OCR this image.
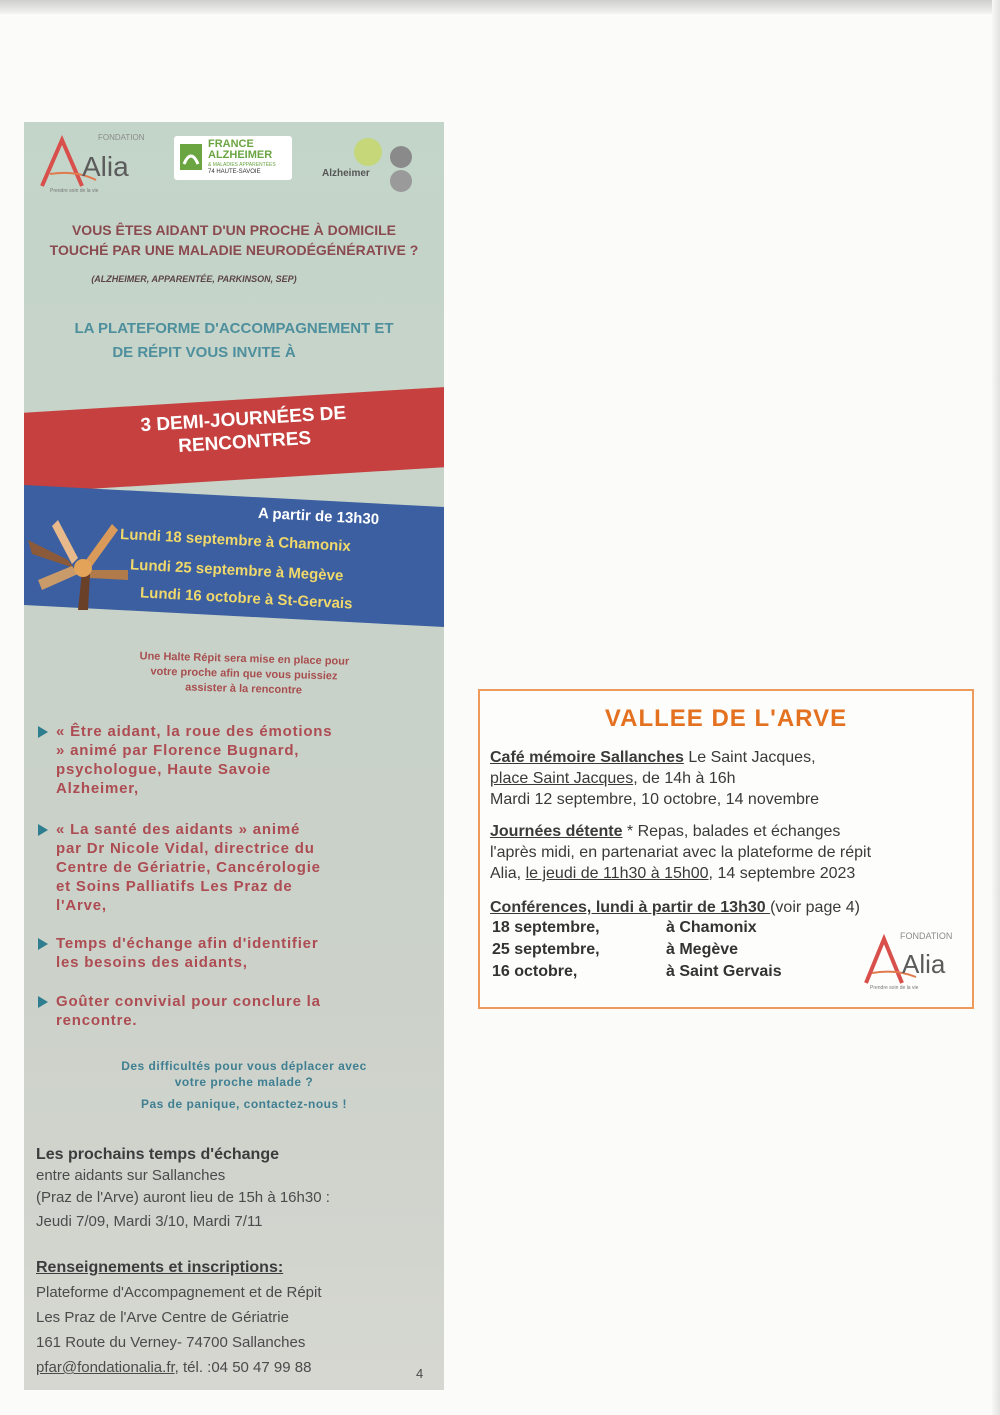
FONDATION
Alia
Prendre soin de la vie
FRANCE
ALZHEIMER
& MALADIES APPARENTÉES
74 HAUTE-SAVOIE	Alzheimer
VOUS ÊTES AIDANT D'UN PROCHE À DOMICILE
TOUCHÉ PAR UNE MALADIE NEURODÉGÉNÉRATIVE ?
(ALZHEIMER, APPARENTÉE, PARKINSON, SEP)
LA PLATEFORME D'ACCOMPAGNEMENT ET
DE RÉPIT VOUS INVITE À
3 DEMI-JOURNÉES DE
RENCONTRES
A partir de 13h30
Lundi 18 septembre à Chamonix
Lundi 25 septembre à Megève
Lundi 16 octobre à St-Gervais
Une Halte Répit sera mise en place pour
votre proche afin que vous puissiez
assister à la rencontre
« Être aidant, la roue des émotions
» animé par Florence Bugnard,
psychologue, Haute Savoie
Alzheimer,
« La santé des aidants » animé
par Dr Nicole Vidal, directrice du
Centre de Gériatrie, Cancérologie
et Soins Palliatifs Les Praz de
l'Arve,
Temps d'échange afin d'identifier
les besoins des aidants,
Goûter convivial pour conclure la
rencontre.
Des difficultés pour vous déplacer avec
votre proche malade ?
Pas de panique, contactez-nous !
Les prochains temps d'échange
entre aidants sur Sallanches
(Praz de l'Arve) auront lieu de 15h à 16h30 :
Jeudi 7/09, Mardi 3/10, Mardi 7/11
Renseignements et inscriptions:
Plateforme d'Accompagnement et de Répit
Les Praz de l'Arve Centre de Gériatrie
161 Route du Verney- 74700 Sallanches
pfar@fondationalia.fr, tél. :04 50 47 99 88	4
VALLEE DE L'ARVE
Café mémoire Sallanches Le Saint Jacques,
place Saint Jacques, de 14h à 16h
Mardi 12 septembre, 10 octobre, 14 novembre
Journées détente * Repas, balades et échanges
l'après midi, en partenariat avec la plateforme de répit
Alia, le jeudi de 11h30 à 15h00, 14 septembre 2023
Conférences, lundi à partir de 13h30 (voir page 4)
18 septembre,	à Chamonix
25 septembre,	à Megève
16 octobre,	à Saint Gervais
FONDATION
Alia
Prendre soin de la vie
